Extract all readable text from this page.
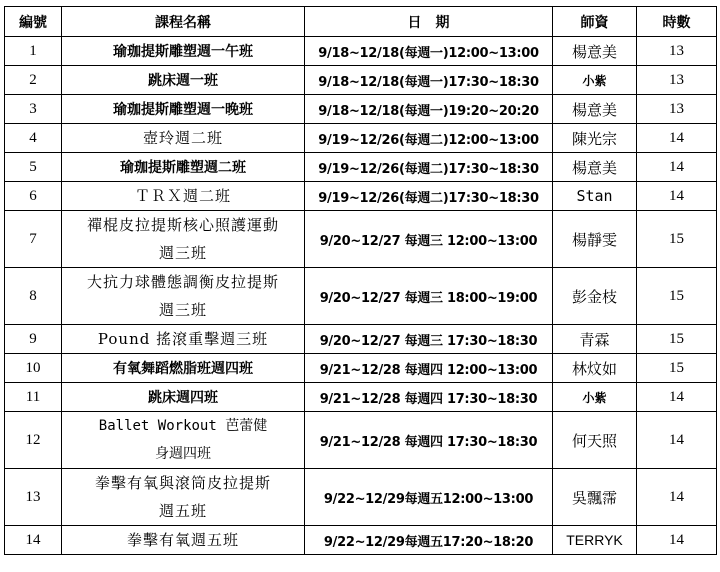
編號	課程名稱	日　期	師資	時數
1	瑜珈提斯雕塑週一午班	9/18~12/18(每週一)12:00~13:00	楊意美	13
2	跳床週一班	9/18~12/18(每週一)17:30~18:30	小紫	13
3	瑜珈提斯雕塑週一晚班	9/18~12/18(每週一)19:20~20:20	楊意美	13
4	壺玲週二班	9/19~12/26(每週二)12:00~13:00	陳光宗	14
5	瑜珈提斯雕塑週二班	9/19~12/26(每週二)17:30~18:30	楊意美	14
6	ＴＲＸ週二班	9/19~12/26(每週二)17:30~18:30	Stan	14
7	禪棍皮拉提斯核心照護運動週三班	9/20~12/27 每週三 12:00~13:00	楊靜雯	15
8	大抗力球體態調衡皮拉提斯週三班	9/20~12/27 每週三 18:00~19:00	彭金枝	15
9	Pound 搖滾重擊週三班	9/20~12/27 每週三 17:30~18:30	青霖	15
10	有氧舞蹈燃脂班週四班	9/21~12/28 每週四 12:00~13:00	林炆如	15
11	跳床週四班	9/21~12/28 每週四 17:30~18:30	小紫	14
12	Ballet Workout 芭蕾健身週四班	9/21~12/28 每週四 17:30~18:30	何天照	14
13	拳擊有氧與滾筒皮拉提斯週五班	9/22~12/29每週五12:00~13:00	吳飄霈	14
14	拳擊有氧週五班	9/22~12/29每週五17:20~18:20	TERRYK	14
